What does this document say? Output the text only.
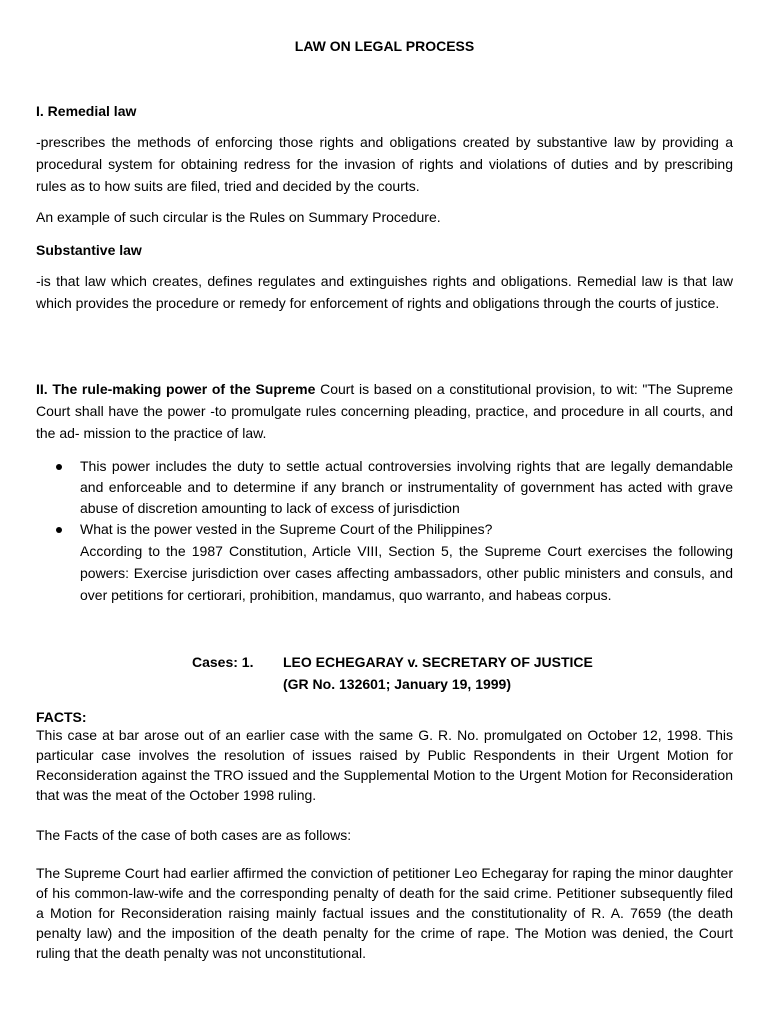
LAW ON LEGAL PROCESS
I. Remedial law
-prescribes the methods of enforcing those rights and obligations created by substantive law by providing a procedural system for obtaining redress for the invasion of rights and violations of duties and by prescribing rules as to how suits are filed, tried and decided by the courts.
An example of such circular is the Rules on Summary Procedure.
Substantive law
-is that law which creates, defines regulates and extinguishes rights and obligations. Remedial law is that law which provides the procedure or remedy for enforcement of rights and obligations through the courts of justice.
II. The rule-making power of the Supreme Court is based on a constitutional provision, to wit: "The Supreme Court shall have the power -to promulgate rules concerning pleading, practice, and procedure in all courts, and the ad- mission to the practice of law.
This power includes the duty to settle actual controversies involving rights that are legally demandable and enforceable and to determine if any branch or instrumentality of government has acted with grave abuse of discretion amounting to lack of excess of jurisdiction
What is the power vested in the Supreme Court of the Philippines?
According to the 1987 Constitution, Article VIII, Section 5, the Supreme Court exercises the following powers: Exercise jurisdiction over cases affecting ambassadors, other public ministers and consuls, and over petitions for certiorari, prohibition, mandamus, quo warranto, and habeas corpus.
Cases: 1. LEO ECHEGARAY v. SECRETARY OF JUSTICE
(GR No. 132601; January 19, 1999)
FACTS:
This case at bar arose out of an earlier case with the same G. R. No. promulgated on October 12, 1998. This particular case involves the resolution of issues raised by Public Respondents in their Urgent Motion for Reconsideration against the TRO issued and the Supplemental Motion to the Urgent Motion for Reconsideration that was the meat of the October 1998 ruling.
The Facts of the case of both cases are as follows:
The Supreme Court had earlier affirmed the conviction of petitioner Leo Echegaray for raping the minor daughter of his common-law-wife and the corresponding penalty of death for the said crime. Petitioner subsequently filed a Motion for Reconsideration raising mainly factual issues and the constitutionality of R. A. 7659 (the death penalty law) and the imposition of the death penalty for the crime of rape. The Motion was denied, the Court ruling that the death penalty was not unconstitutional.
